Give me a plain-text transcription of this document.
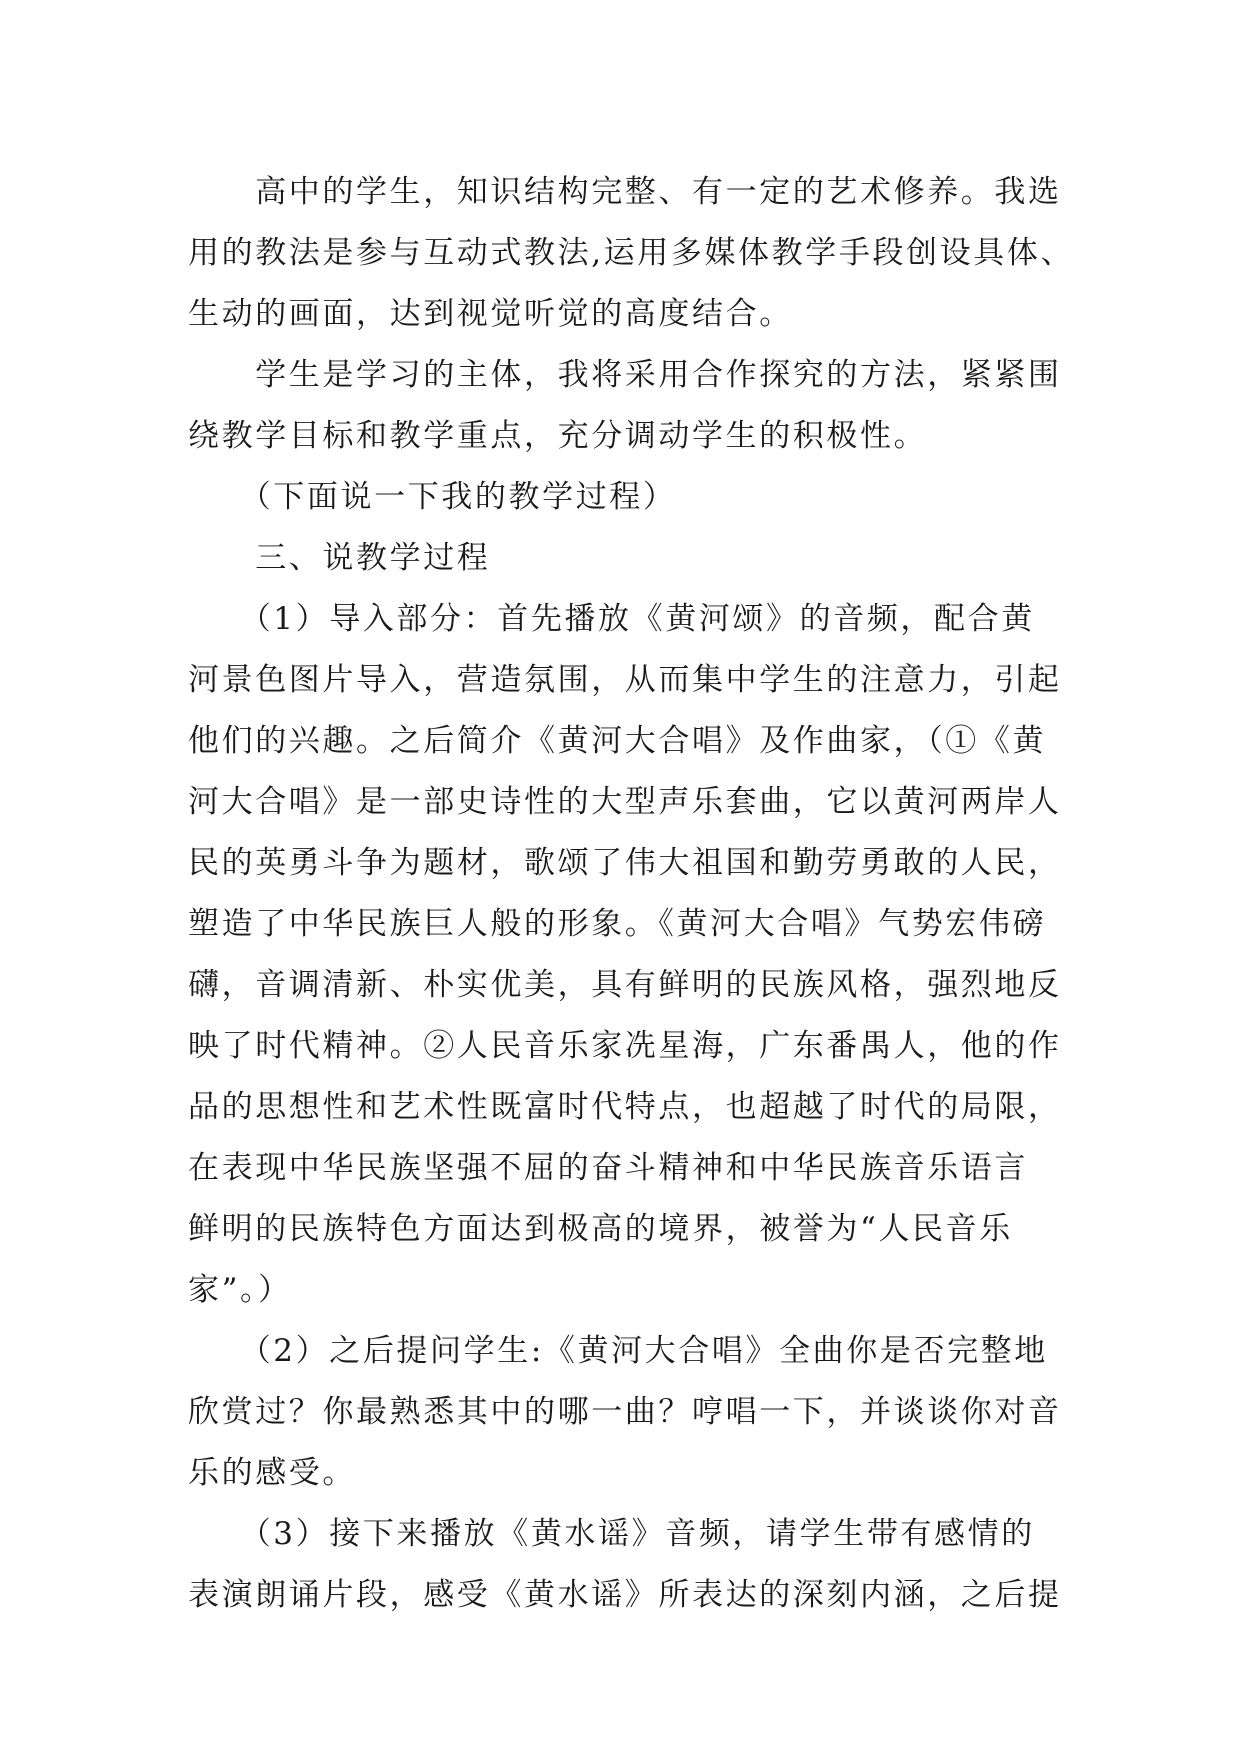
　　高中的学生，知识结构完整、有一定的艺术修养。我选
用的教法是参与互动式教法,运用多媒体教学手段创设具体、
生动的画面，达到视觉听觉的高度结合。
　　学生是学习的主体，我将采用合作探究的方法，紧紧围
绕教学目标和教学重点，充分调动学生的积极性。
　　（下面说一下我的教学过程）
　　三、说教学过程
　　（1）导入部分：首先播放《黄河颂》的音频，配合黄
河景色图片导入，营造氛围，从而集中学生的注意力，引起
他们的兴趣。之后简介《黄河大合唱》及作曲家，（①《黄
河大合唱》是一部史诗性的大型声乐套曲，它以黄河两岸人
民的英勇斗争为题材，歌颂了伟大祖国和勤劳勇敢的人民，
塑造了中华民族巨人般的形象。《黄河大合唱》气势宏伟磅
礴，音调清新、朴实优美，具有鲜明的民族风格，强烈地反
映了时代精神。②人民音乐家冼星海，广东番禺人，他的作
品的思想性和艺术性既富时代特点，也超越了时代的局限，
在表现中华民族坚强不屈的奋斗精神和中华民族音乐语言
鲜明的民族特色方面达到极高的境界，被誉为“人民音乐
家”。）
　　（2）之后提问学生:《黄河大合唱》全曲你是否完整地
欣赏过？你最熟悉其中的哪一曲？哼唱一下，并谈谈你对音
乐的感受。
　　（3）接下来播放《黄水谣》音频，请学生带有感情的
表演朗诵片段，感受《黄水谣》所表达的深刻内涵，之后提
